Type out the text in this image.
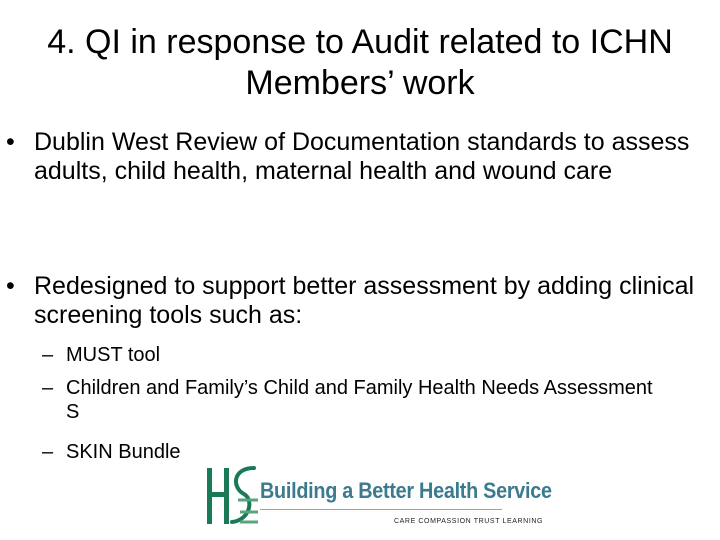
4. QI in response to Audit related to ICHN
Members’ work
• Dublin West Review of Documentation standards to assess adults, child health, maternal health and wound care
• Redesigned to support better assessment by adding clinical screening tools such as:
– MUST tool
– Children and Family’s Child and Family Health Needs Assessment S
– SKIN Bundle
Building a Better Health Service
CARE COMPASSION TRUST LEARNING
